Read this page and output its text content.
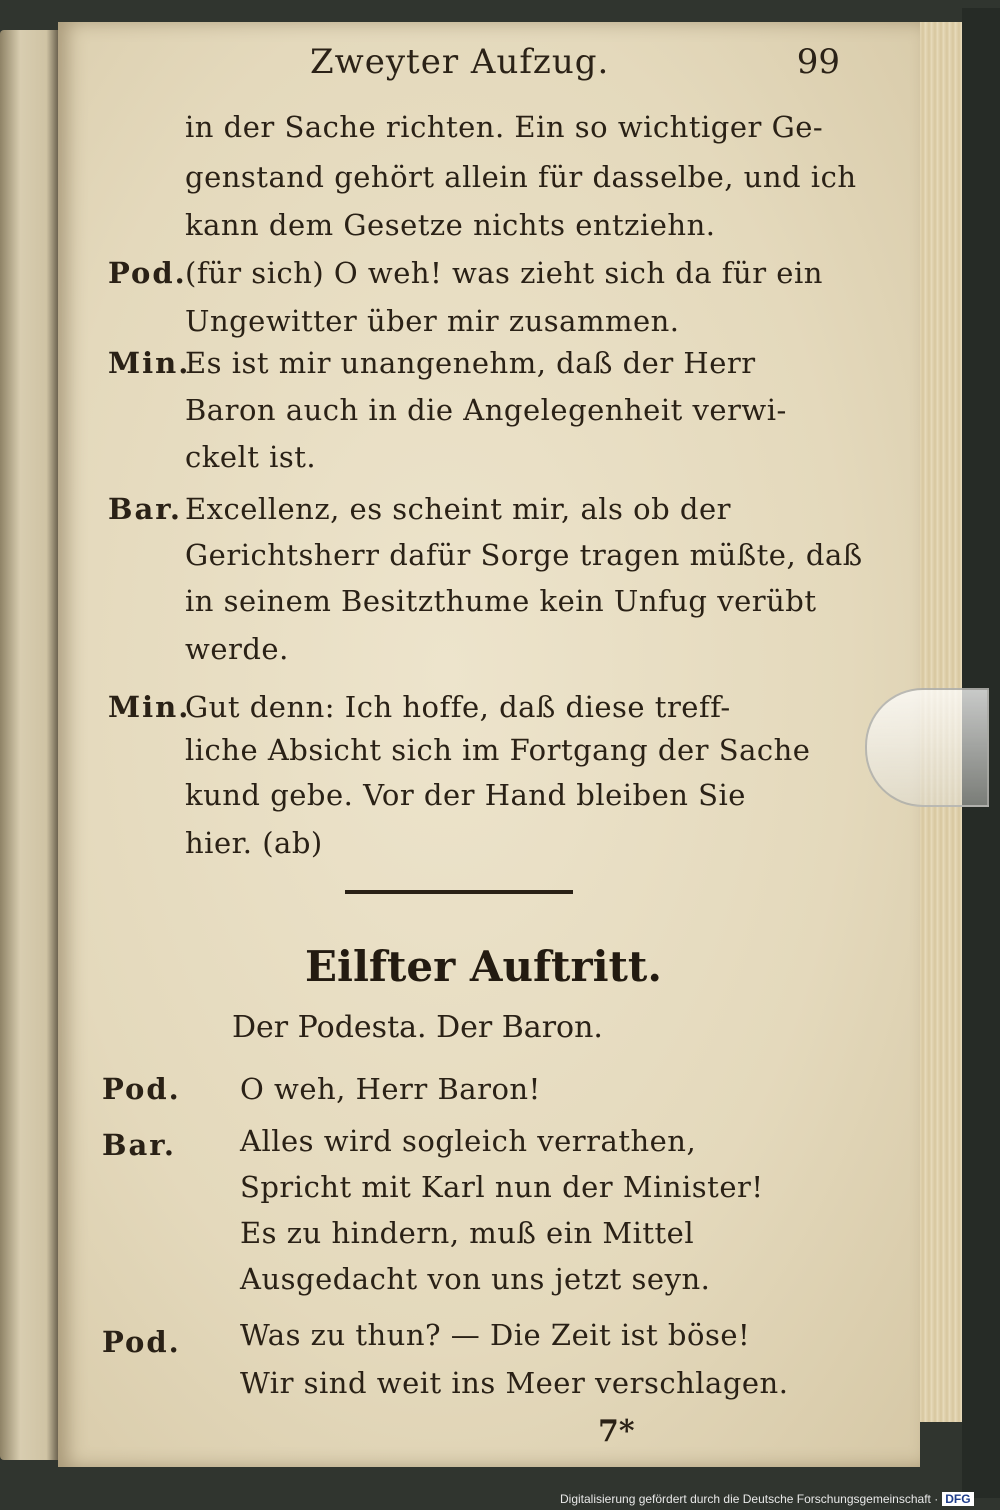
Zweyter Aufzug.	99
in der Sache richten. Ein so wichtiger Ge-
genstand gehört allein für dasselbe, und ich
kann dem Gesetze nichts entziehn.
Pod.
(für sich) O weh! was zieht sich da für ein
Ungewitter über mir zusammen.
Min.
Es ist mir unangenehm, daß der Herr
Baron auch in die Angelegenheit verwi-
ckelt ist.
Bar. Excellenz, es scheint mir, als ob der
Gerichtsherr dafür Sorge tragen müßte, daß
in seinem Besitzthume kein Unfug verübt
werde.
Min.
Gut denn: Ich hoffe, daß diese treff-
liche Absicht sich im Fortgang der Sache
kund gebe. Vor der Hand bleiben Sie
hier. (ab)
Eilfter Auftritt.
Der Podesta. Der Baron.
Pod. O weh, Herr Baron!
Bar. Alles wird sogleich verrathen,
Spricht mit Karl nun der Minister!
Es zu hindern, muß ein Mittel
Ausgedacht von uns jetzt seyn.
Pod. Was zu thun? — Die Zeit ist böse!
Wir sind weit ins Meer verschlagen.
7*
Digitalisierung gefördert durch die Deutsche Forschungsgemeinschaft · DFG
